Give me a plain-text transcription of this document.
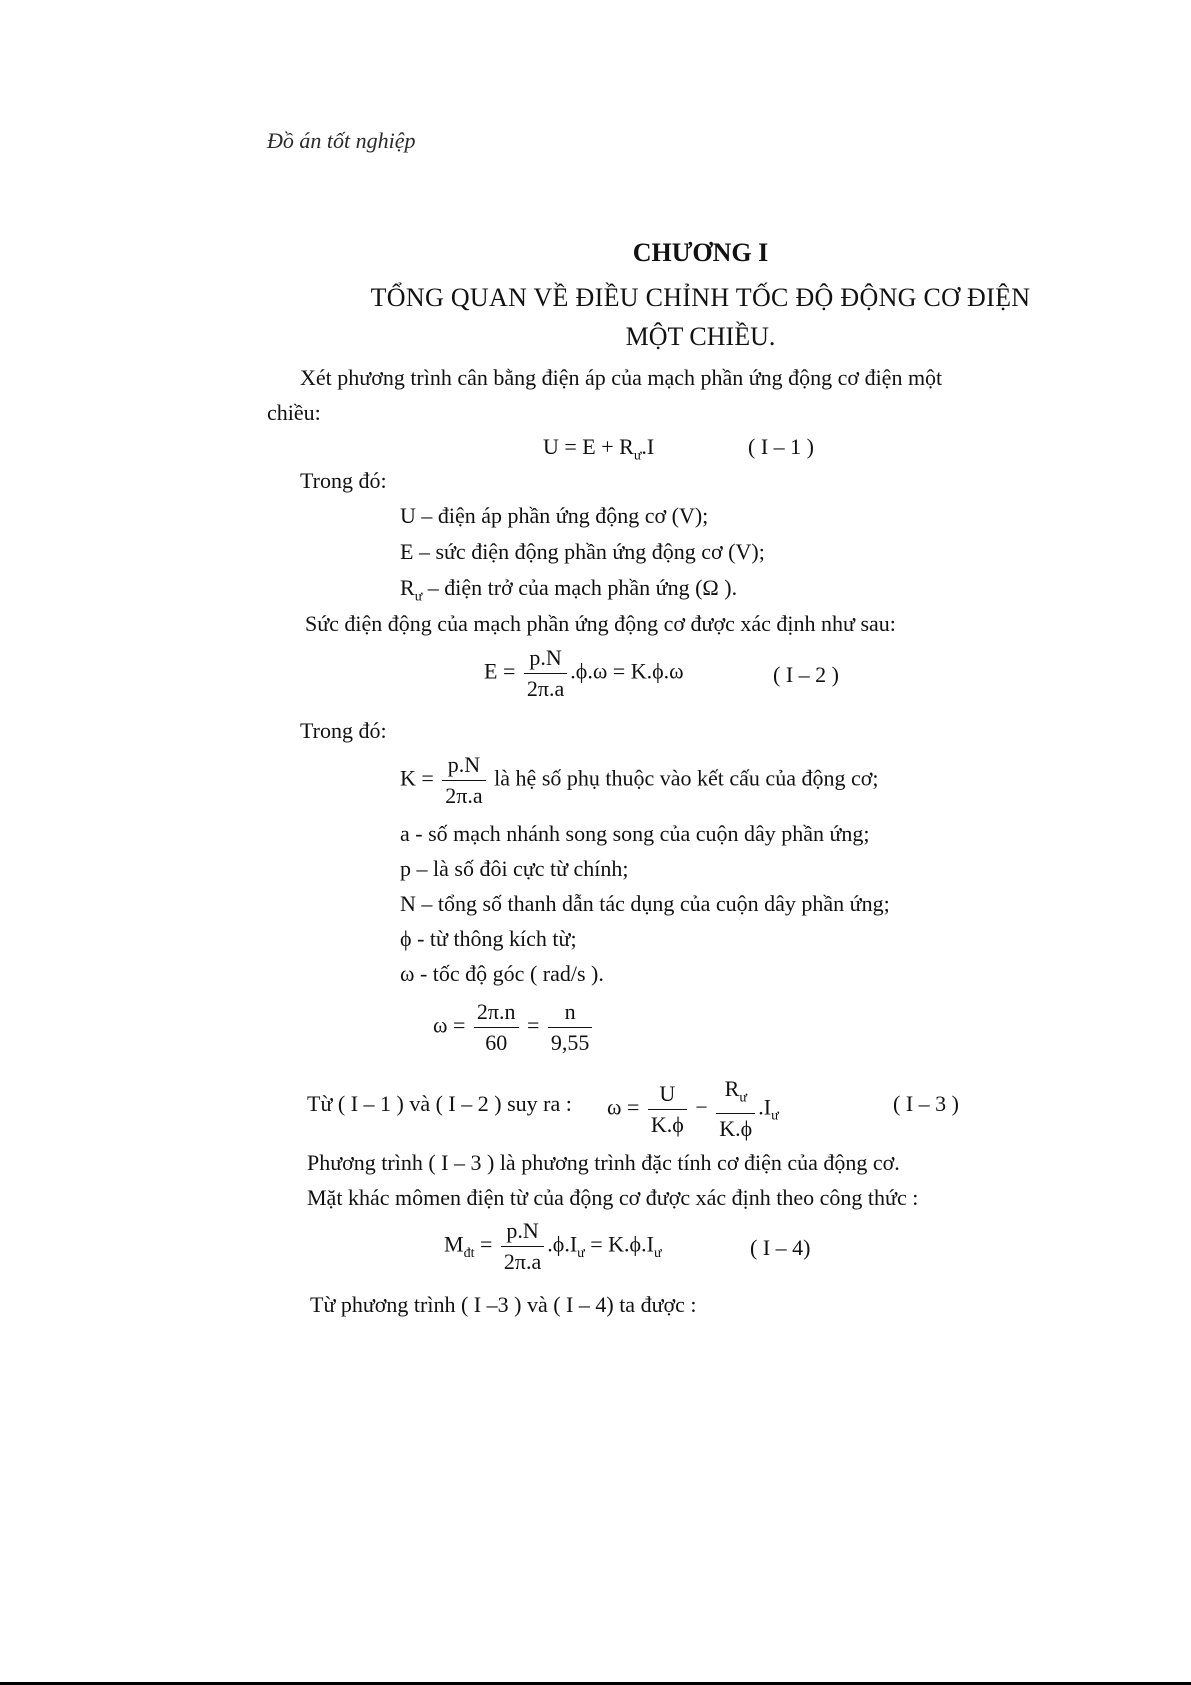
Đồ án tốt nghiệp
CHƯƠNG I
TỔNG QUAN VỀ ĐIỀU CHỈNH TỐC ĐỘ ĐỘNG CƠ ĐIỆN
MỘT CHIỀU.
Xét phương trình cân bằng điện áp của mạch phần ứng động cơ điện một
chiều:
$U = E + R_ư.I$	( I – 1 )
Trong đó:
U – điện áp phần ứng động cơ (V);
E – sức điện động phần ứng động cơ (V);
$R_ư$ – điện trở của mạch phần ứng (Ω ).
Sức điện động của mạch phần ứng động cơ được xác định như sau:
$E = \frac{p.N}{2\pi.a} .\phi.\omega = K.\phi.\omega$	( I – 2 )
Trong đó:
$K = \frac{p.N}{2\pi.a}$ là hệ số phụ thuộc vào kết cấu của động cơ;
a - số mạch nhánh song song của cuộn dây phần ứng;
p – là số đôi cực từ chính;
N – tổng số thanh dẫn tác dụng của cuộn dây phần ứng;
ϕ - từ thông kích từ;
ω - tốc độ góc ( rad/s ).
$\omega = \frac{2\pi.n}{60} = \frac{n}{9,55}$
Từ ( I – 1 ) và ( I – 2 ) suy ra : $\omega = \frac{U}{K.\phi} - \frac{R_ư}{K.\phi} .I_ư$
( I – 3 )
Phương trình ( I – 3 ) là phương trình đặc tính cơ điện của động cơ.
Mặt khác mômen điện từ của động cơ được xác định theo công thức :
$M_{đt} = \frac{p.N}{2\pi.a} .\phi.I_ư = K.\phi.I_ư$	( I – 4)
Từ phương trình ( I –3 ) và ( I – 4) ta được :
